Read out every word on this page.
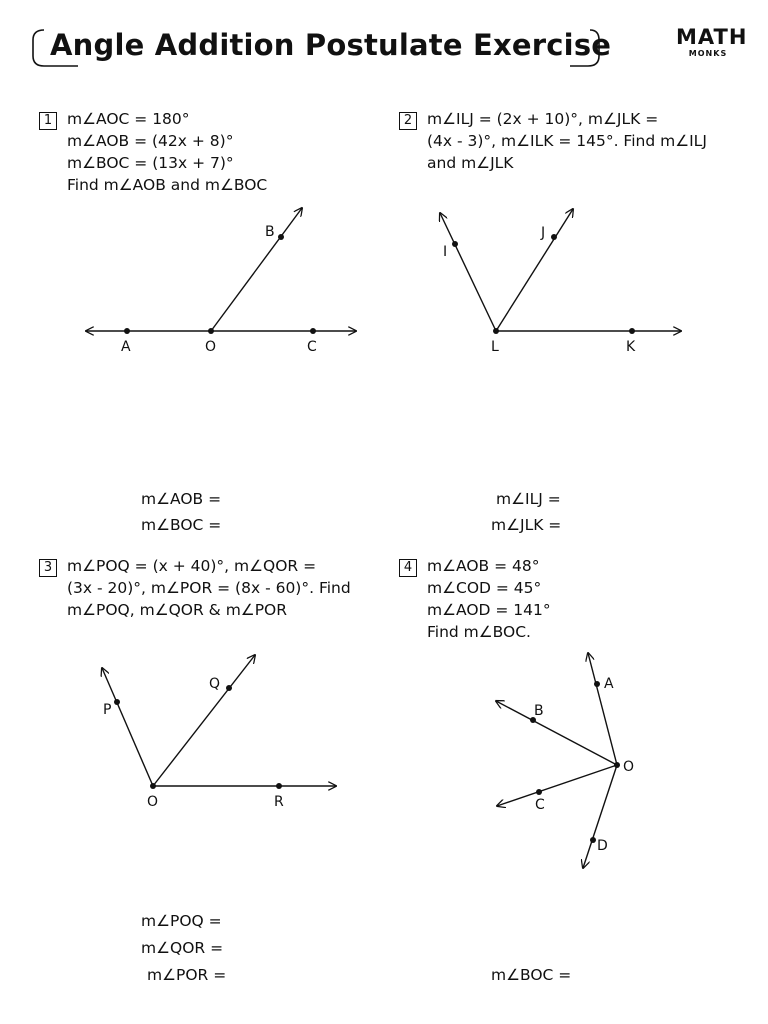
Angle Addition Postulate Exercise	MATH
MONKS
1 m∠AOC = 180°
m∠AOB = (42x + 8)°
m∠BOC = (13x + 7)°
Find m∠AOB and m∠BOC
A	O	C
B
I
J
L	K
P
Q
O	R
A
B
O
C
D
2 m∠ILJ = (2x + 10)°, m∠JLK =
(4x - 3)°, m∠ILK = 145°. Find m∠ILJ
and m∠JLK
m∠AOB =
m∠BOC =
m∠ILJ =
m∠JLK =
3 m∠POQ = (x + 40)°, m∠QOR =
(3x - 20)°, m∠POR = (8x - 60)°. Find
m∠POQ, m∠QOR & m∠POR
4 m∠AOB = 48°
m∠COD = 45°
m∠AOD = 141°
Find m∠BOC.
m∠POQ =
m∠QOR =
m∠POR =	m∠BOC =
